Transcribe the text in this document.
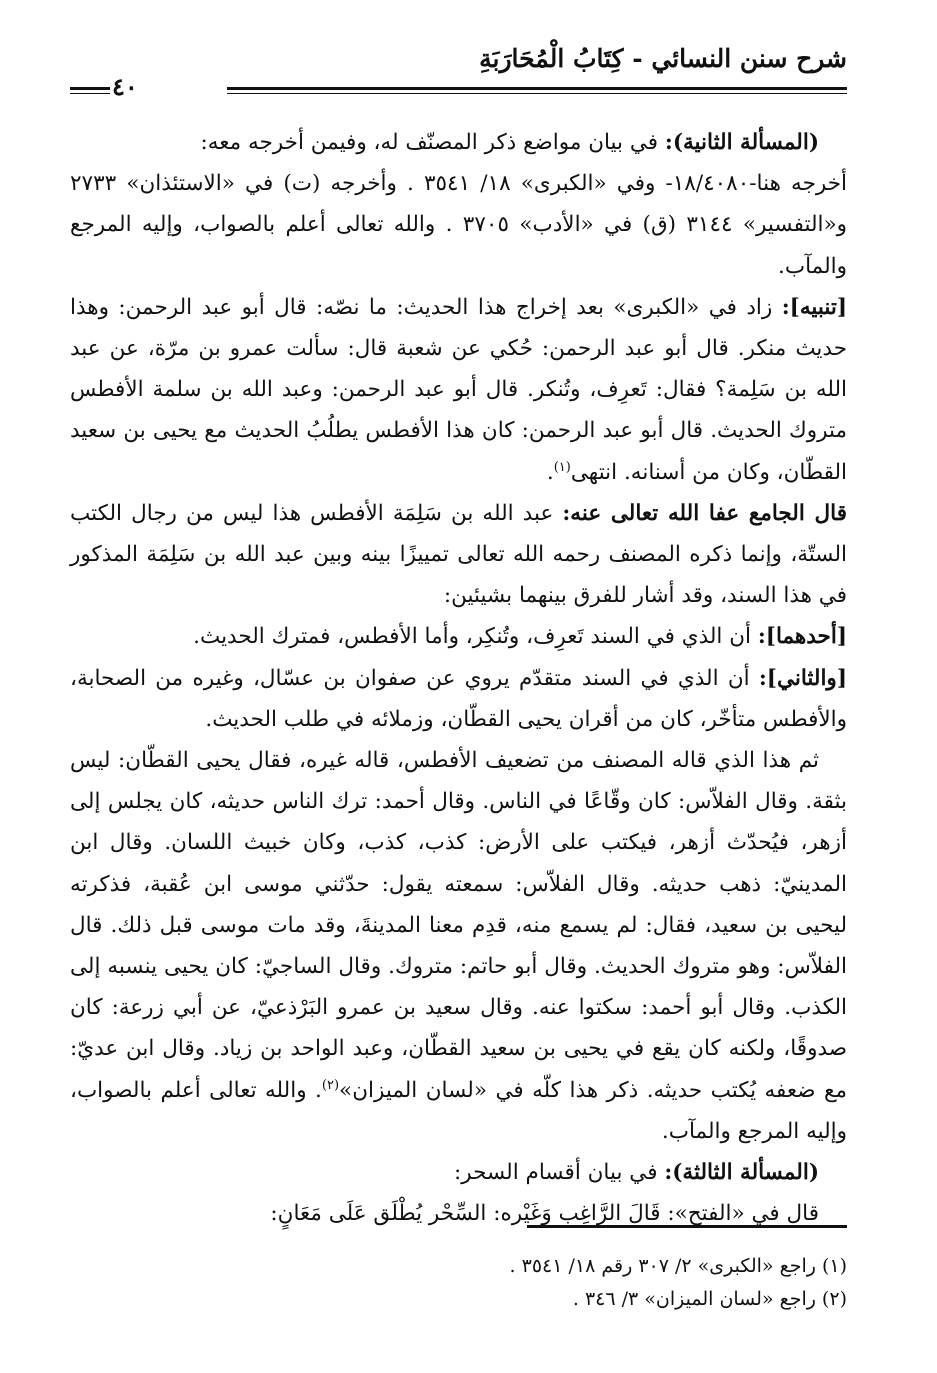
شرح سنن النسائي - كِتَابُ الْمُحَارَبَةِ
٤٠

(المسألة الثانية): في بيان مواضع ذكر المصنّف له، وفيمن أخرجه معه:

أخرجه هنا-١٨/٤٠٨٠- وفي «الكبرى» ١٨/ ٣٥٤١ . وأخرجه (ت) في «الاستئذان» ٢٧٣٣ و«التفسير» ٣١٤٤ (ق) في «الأدب» ٣٧٠٥ . والله تعالى أعلم بالصواب، وإليه المرجع والمآب.

[تنبيه]: زاد في «الكبرى» بعد إخراج هذا الحديث: ما نصّه: قال أبو عبد الرحمن: وهذا حديث منكر. قال أبو عبد الرحمن: حُكي عن شعبة قال: سألت عمرو بن مرّة، عن عبد الله بن سَلِمة؟ فقال: تَعرِف، وتُنكر. قال أبو عبد الرحمن: وعبد الله بن سلمة الأفطس متروك الحديث. قال أبو عبد الرحمن: كان هذا الأفطس يطلُبُ الحديث مع يحيى بن سعيد القطّان، وكان من أسنانه. انتهى$^{(١)}$.

قال الجامع عفا الله تعالى عنه: عبد الله بن سَلِمَة الأفطس هذا ليس من رجال الكتب الستّة، وإنما ذكره المصنف رحمه الله تعالى تمييزًا بينه وبين عبد الله بن سَلِمَة المذكور في هذا السند، وقد أشار للفرق بينهما بشيئين:

[أحدهما]: أن الذي في السند تَعرِف، وتُنكِر، وأما الأفطس، فمترك الحديث.

[والثاني]: أن الذي في السند متقدّم يروي عن صفوان بن عسّال، وغيره من الصحابة، والأفطس متأخّر، كان من أقران يحيى القطّان، وزملائه في طلب الحديث.

ثم هذا الذي قاله المصنف من تضعيف الأفطس، قاله غيره، فقال يحيى القطّان: ليس بثقة. وقال الفلاّس: كان وقّاعًا في الناس. وقال أحمد: ترك الناس حديثه، كان يجلس إلى أزهر، فيُحدّث أزهر، فيكتب على الأرض: كذب، كذب، وكان خبيث اللسان. وقال ابن المدينيّ: ذهب حديثه. وقال الفلاّس: سمعته يقول: حدّثني موسى ابن عُقبة، فذكرته ليحيى بن سعيد، فقال: لم يسمع منه، قدِم معنا المدينةَ، وقد مات موسى قبل ذلك. قال الفلاّس: وهو متروك الحديث. وقال أبو حاتم: متروك. وقال الساجيّ: كان يحيى ينسبه إلى الكذب. وقال أبو أحمد: سكتوا عنه. وقال سعيد بن عمرو البَرْذعيّ، عن أبي زرعة: كان صدوقًا، ولكنه كان يقع في يحيى بن سعيد القطّان، وعبد الواحد بن زياد. وقال ابن عديّ: مع ضعفه يُكتب حديثه. ذكر هذا كلّه في «لسان الميزان»$^{(٢)}$. والله تعالى أعلم بالصواب، وإليه المرجع والمآب.

(المسألة الثالثة): في بيان أقسام السحر:

قال في «الفتح»: قَالَ الرَّاغِب وَغَيْره: السِّحْر يُطْلَق عَلَى مَعَانٍ:

(١) راجع «الكبرى» ٢/ ٣٠٧ رقم ١٨/ ٣٥٤١ .

(٢) راجع «لسان الميزان» ٣/ ٣٤٦ .
